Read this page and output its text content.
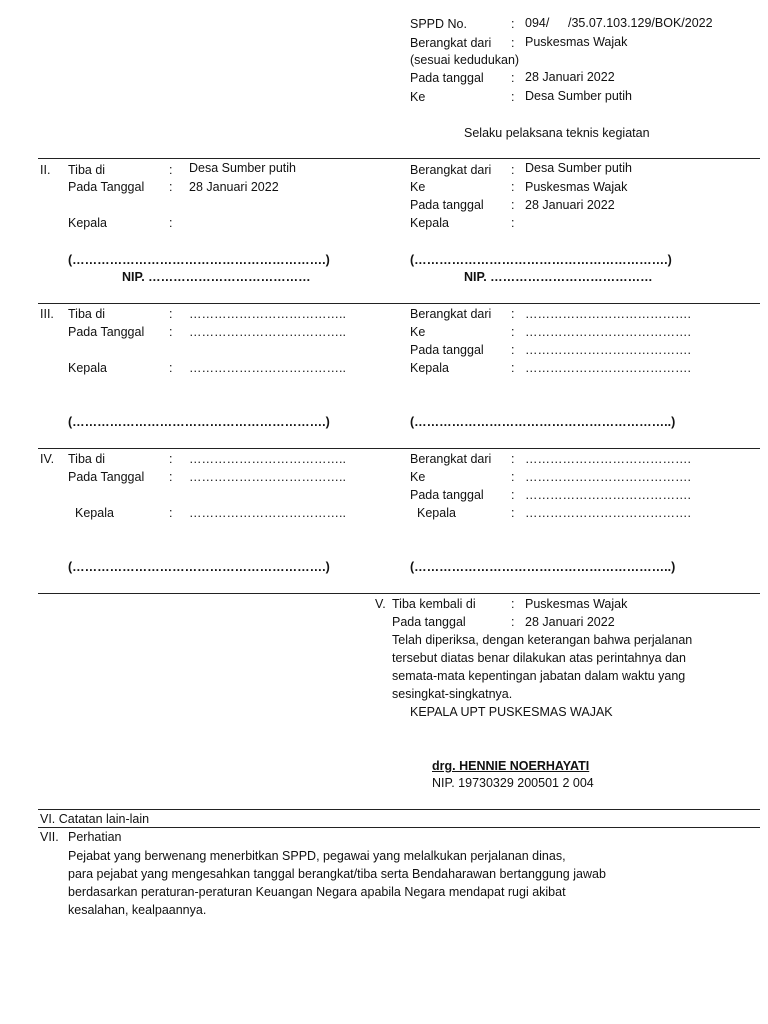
SPPD No.	: 094/ /35.07.103.129/BOK/2022
Berangkat dari : Puskesmas Wajak
(sesuai kedudukan)
Pada tanggal : 28 Januari 2022
Ke	: Desa Sumber putih
Selaku pelaksana teknis kegiatan
II. Tiba di	: Desa Sumber putih
Pada Tanggal : 28 Januari 2022
Kepala	:
(…………………………………………………….)
NIP. …………………………………
Berangkat dari : Desa Sumber putih
Ke	: Puskesmas Wajak
Pada tanggal : 28 Januari 2022
Kepala	:
(…………………………………………………….)
NIP. …………………………………
III. Tiba di	: ………………………………..
Pada Tanggal : ………………………………..
Kepala	: ………………………………..
(…………………………………………………….)
Berangkat dari : ………………………………….
Ke	: ………………………………….
Pada tanggal : ………………………………….
Kepala	: ………………………………….
(……………………………………………………..)
IV. Tiba di	: ………………………………..
Pada Tanggal : ………………………………..
Kepala	: ………………………………..
(…………………………………………………….)
Berangkat dari : ………………………………….
Ke	: ………………………………….
Pada tanggal : ………………………………….
Kepala	: ………………………………….
(……………………………………………………..)
V. Tiba kembali di	: Puskesmas Wajak
Pada tanggal	: 28 Januari 2022
Telah diperiksa, dengan keterangan bahwa perjalanan
tersebut diatas benar dilakukan atas perintahnya dan
semata-mata kepentingan jabatan dalam waktu yang
sesingkat-singkatnya.
KEPALA UPT PUSKESMAS WAJAK
drg. HENNIE NOERHAYATI
NIP. 19730329 200501 2 004
VI. Catatan lain-lain
VII. Perhatian
Pejabat yang berwenang menerbitkan SPPD, pegawai yang melalkukan perjalanan dinas,
para pejabat yang mengesahkan tanggal berangkat/tiba serta Bendaharawan bertanggung jawab
berdasarkan peraturan-peraturan Keuangan Negara apabila Negara mendapat rugi akibat
kesalahan, kealpaannya.
